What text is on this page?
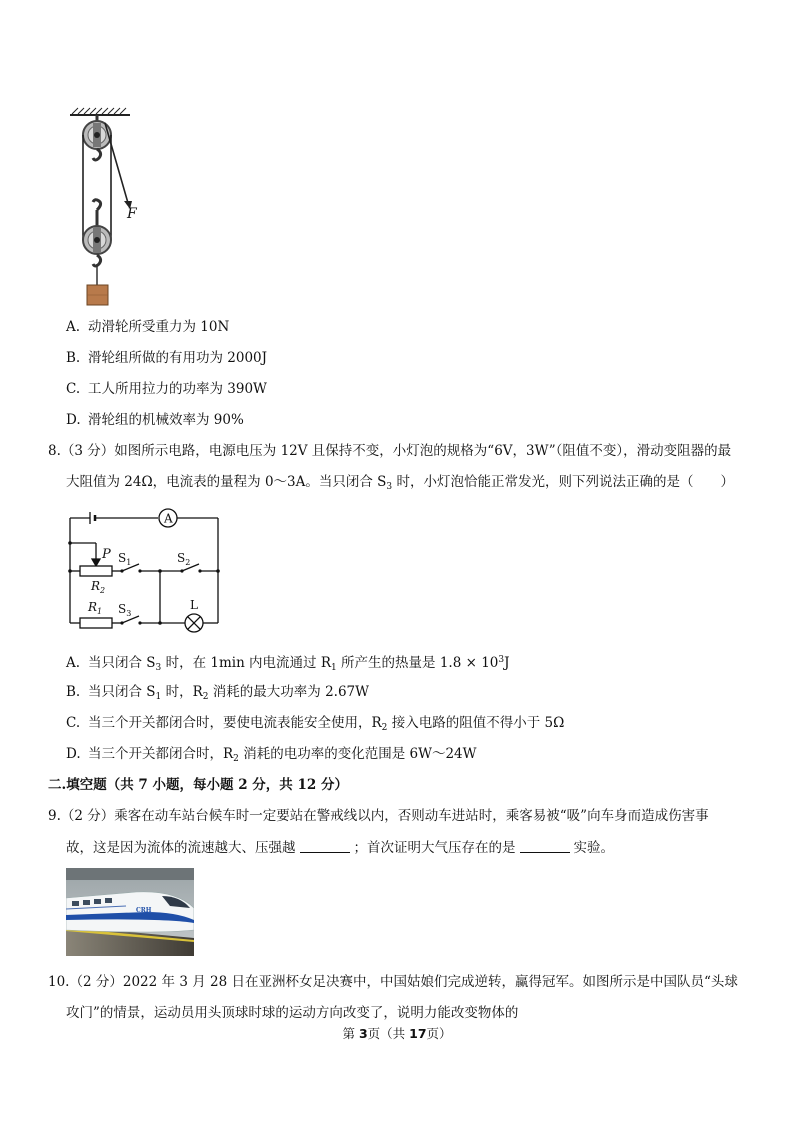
F
A. 动滑轮所受重力为 10N
B. 滑轮组所做的有用功为 2000J
C. 工人所用拉力的功率为 390W
D. 滑轮组的机械效率为 90%
8.（3 分）如图所示电路，电源电压为 12V 且保持不变，小灯泡的规格为“6V，3W”（阻值不变），滑动变阻器的最
大阻值为 24Ω，电流表的量程为 0～3A。当只闭合 $S_3$ 时，小灯泡恰能正常发光，则下列说法正确的是（　　）
A
P
$R_2$
$S_1$	$S_2$
$R_1$ $S_3$
L
A. 当只闭合 $S_3$ 时，在 1min 内电流通过 $R_1$ 所产生的热量是 $1.8 \times 10^3J$
B. 当只闭合 $S_1$ 时，$R_2$ 消耗的最大功率为 2.67W
C. 当三个开关都闭合时，要使电流表能安全使用，$R_2$ 接入电路的阻值不得小于 5Ω
D. 当三个开关都闭合时，$R_2$ 消耗的电功率的变化范围是 6W～24W
二.填空题（共 7 小题，每小题 2 分，共 12 分）
9.（2 分）乘客在动车站台候车时一定要站在警戒线以内，否则动车进站时，乘客易被“吸”向车身而造成伤害事
故，这是因为流体的流速越大、压强越	；首次证明大气压存在的是	实验。
CRH
10.（2 分）2022 年 3 月 28 日在亚洲杯女足决赛中，中国姑娘们完成逆转，赢得冠军。如图所示是中国队员“头球
攻门”的情景，运动员用头顶球时球的运动方向改变了，说明力能改变物体的
第 3页（共 17页）
